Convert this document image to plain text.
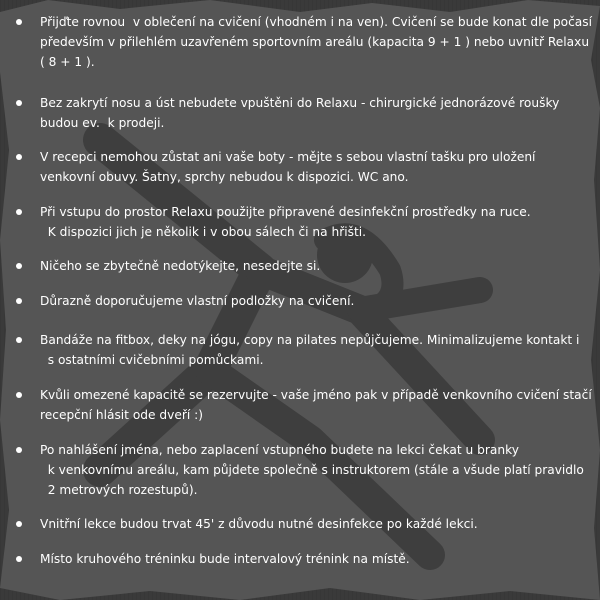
Přijďte rovnou  v oblečení na cvičení (vhodném i na ven). Cvičení se bude konat dle počasí
především v přilehlém uzavřeném sportovním areálu (kapacita 9 + 1 ) nebo uvnitř Relaxu
( 8 + 1 ).
Bez zakrytí nosu a úst nebudete vpuštěni do Relaxu - chirurgické jednorázové roušky
budou ev.  k prodeji.
V recepci nemohou zůstat ani vaše boty - mějte s sebou vlastní tašku pro uložení
venkovní obuvy. Šatny, sprchy nebudou k dispozici. WC ano.
Při vstupu do prostor Relaxu použijte připravené desinfekční prostředky na ruce.
K dispozici jich je několik i v obou sálech či na hřišti.
Ničeho se zbytečně nedotýkejte, nesedejte si.
Důrazně doporučujeme vlastní podložky na cvičení.
Bandáže na fitbox, deky na jógu, copy na pilates nepůjčujeme. Minimalizujeme kontakt i
s ostatními cvičebními pomůckami.
Kvůli omezené kapacitě se rezervujte - vaše jméno pak v případě venkovního cvičení stačí
recepční hlásit ode dveří :)
Po nahlášení jména, nebo zaplacení vstupného budete na lekci čekat u branky
k venkovnímu areálu, kam půjdete společně s instruktorem (stále a všude platí pravidlo
2 metrových rozestupů).
Vnitřní lekce budou trvat 45' z důvodu nutné desinfekce po každé lekci.
Místo kruhového tréninku bude intervalový trénink na místě.
